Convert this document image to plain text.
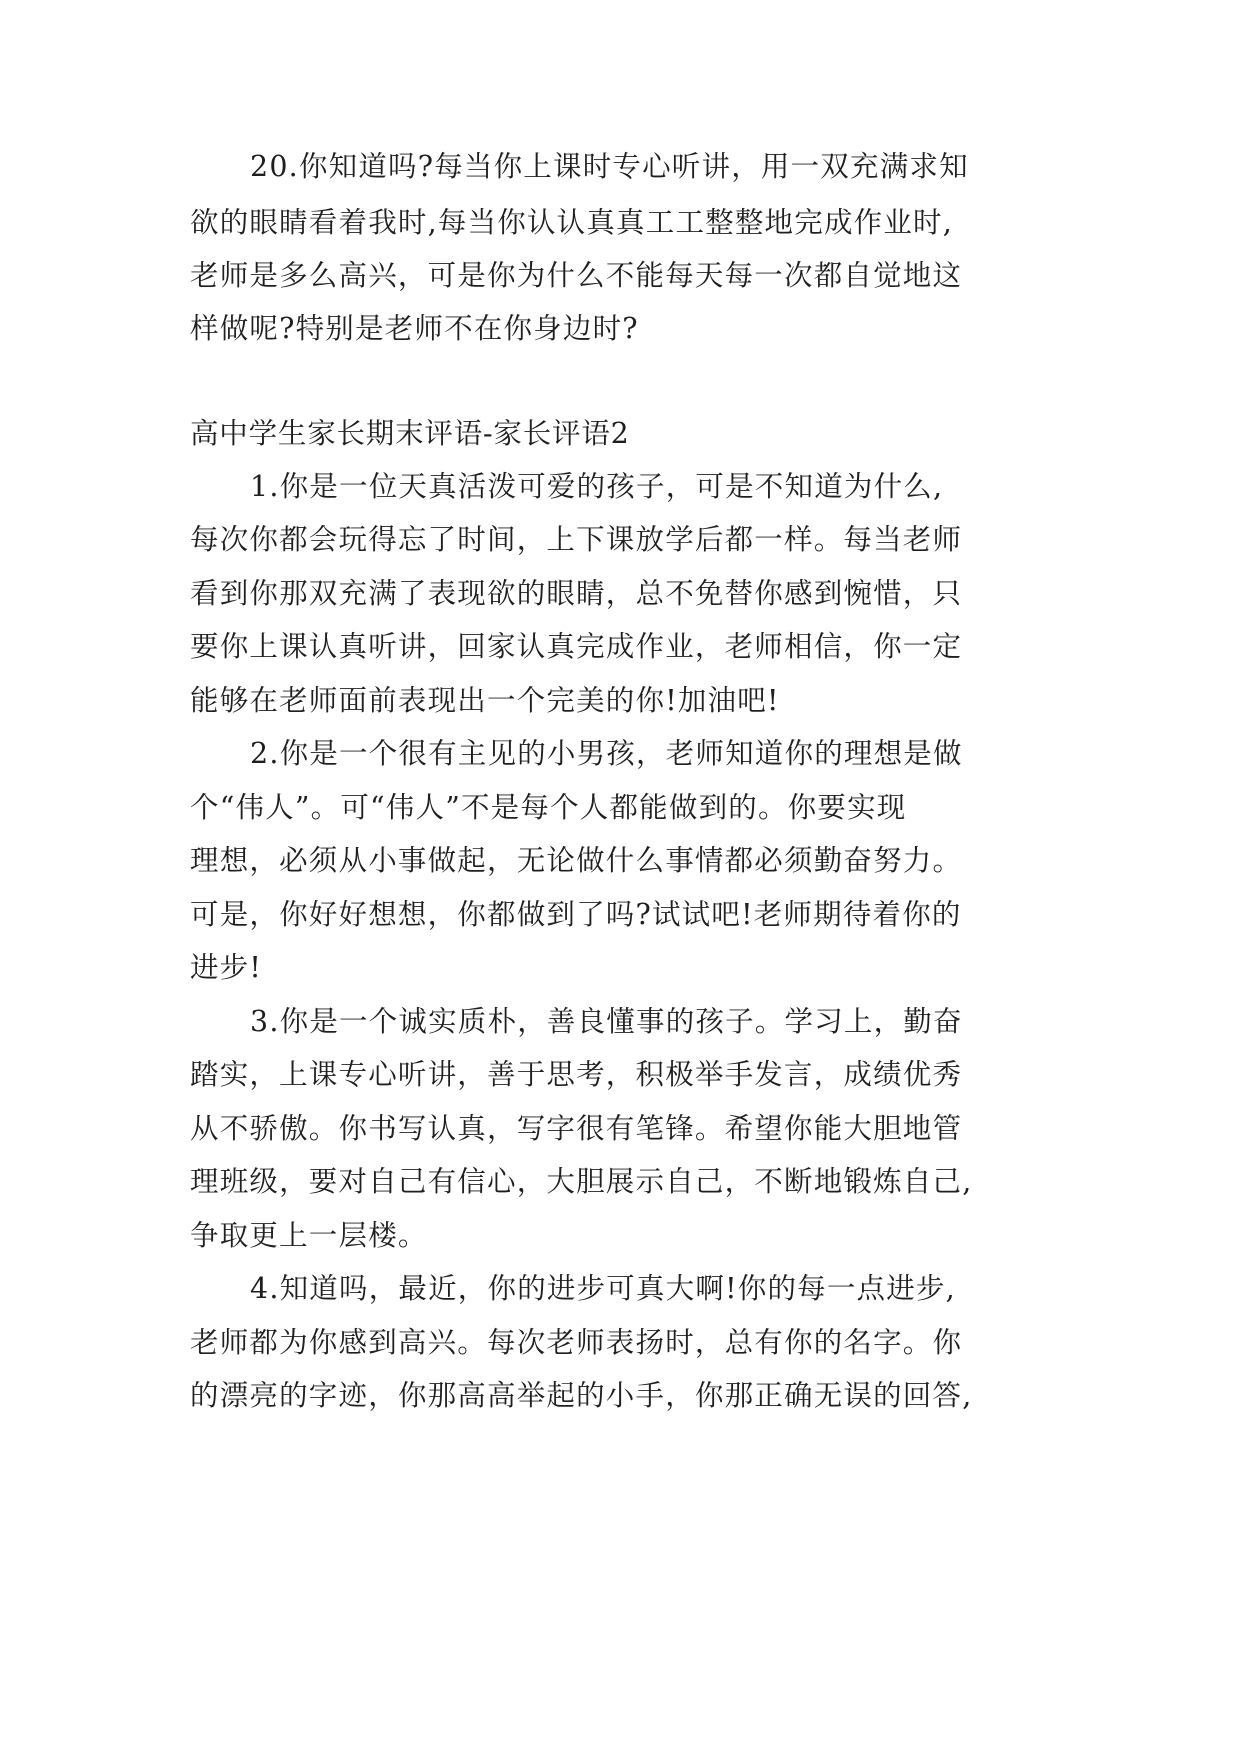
20.你知道吗?每当你上课时专心听讲，用一双充满求知
欲的眼睛看着我时,每当你认认真真工工整整地完成作业时,
老师是多么高兴，可是你为什么不能每天每一次都自觉地这
样做呢?特别是老师不在你身边时?
高中学生家长期末评语-家长评语2
1.你是一位天真活泼可爱的孩子，可是不知道为什么,
每次你都会玩得忘了时间，上下课放学后都一样。每当老师
看到你那双充满了表现欲的眼睛，总不免替你感到惋惜，只
要你上课认真听讲，回家认真完成作业，老师相信，你一定
能够在老师面前表现出一个完美的你!加油吧!
2.你是一个很有主见的小男孩，老师知道你的理想是做
个“伟人”。可“伟人”不是每个人都能做到的。你要实现
理想，必须从小事做起，无论做什么事情都必须勤奋努力。
可是，你好好想想，你都做到了吗?试试吧!老师期待着你的
进步!
3.你是一个诚实质朴，善良懂事的孩子。学习上，勤奋
踏实，上课专心听讲，善于思考，积极举手发言，成绩优秀
从不骄傲。你书写认真，写字很有笔锋。希望你能大胆地管
理班级，要对自己有信心，大胆展示自己，不断地锻炼自己,
争取更上一层楼。
4.知道吗，最近，你的进步可真大啊!你的每一点进步,
老师都为你感到高兴。每次老师表扬时，总有你的名字。你
的漂亮的字迹，你那高高举起的小手，你那正确无误的回答,
